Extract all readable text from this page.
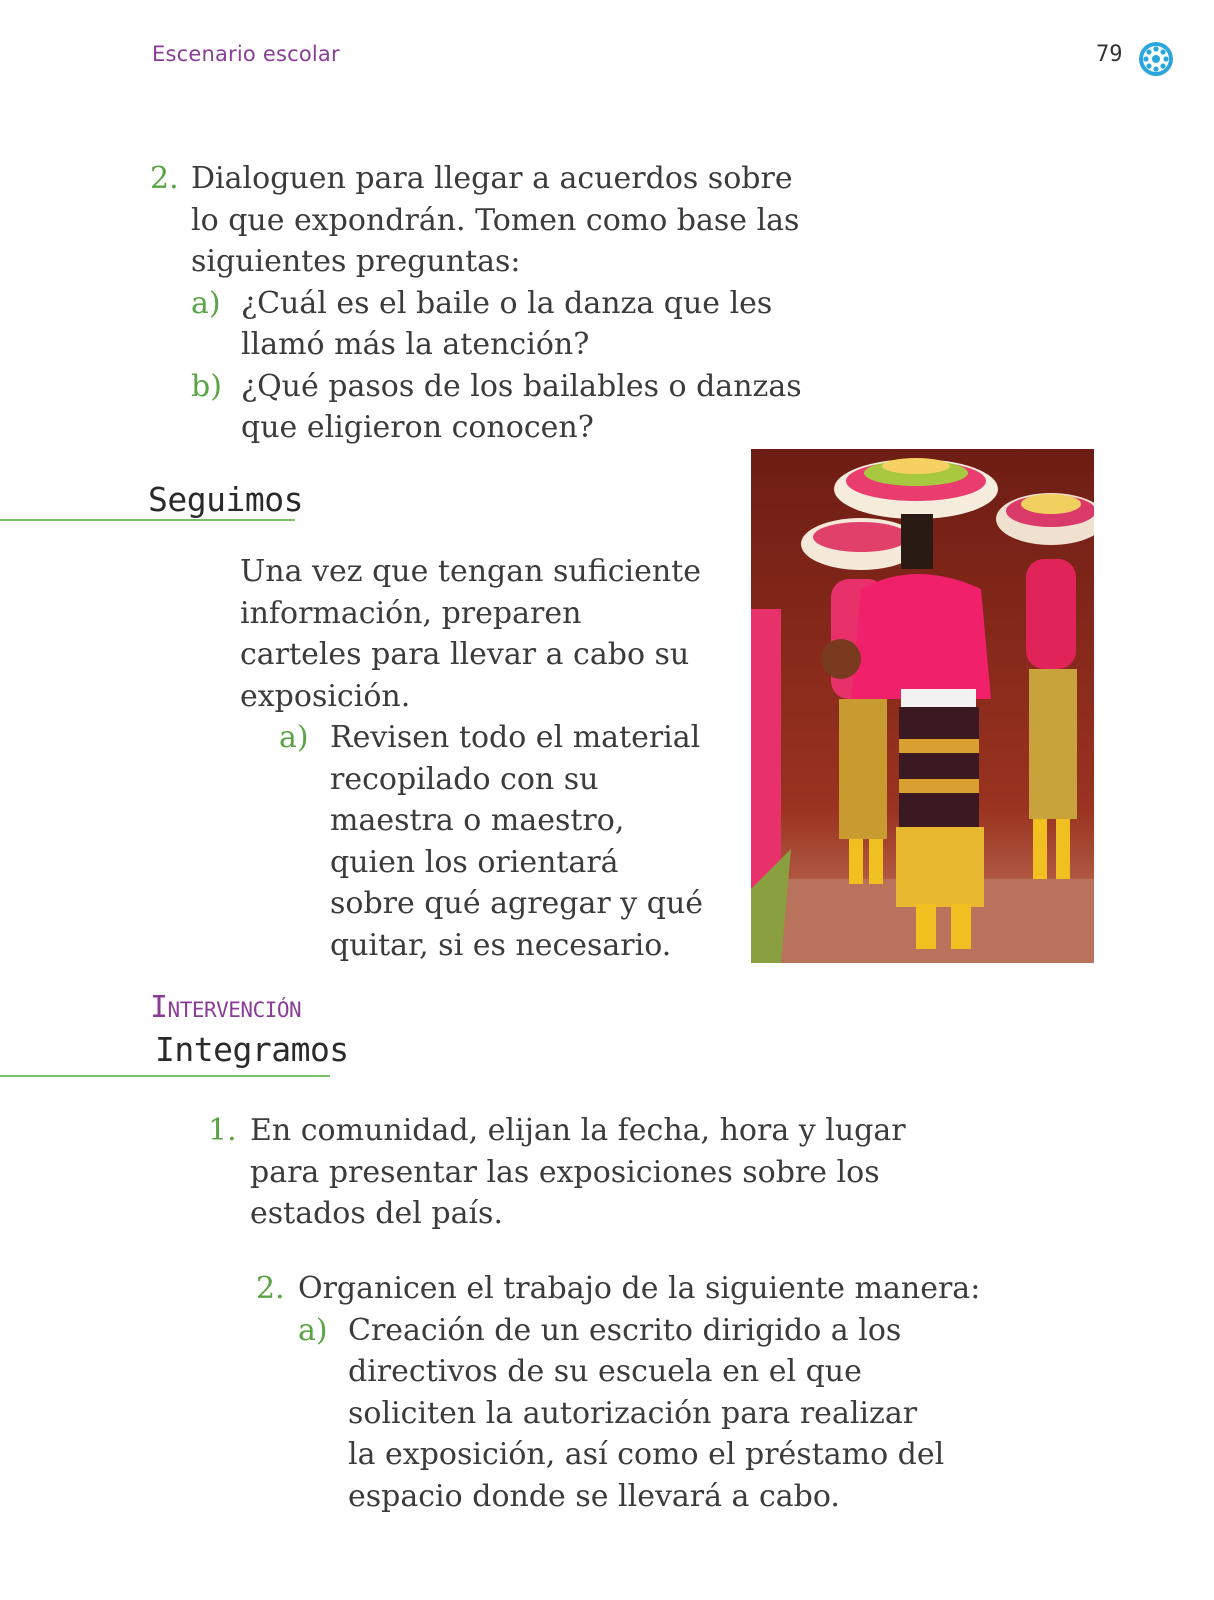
Escenario escolar	79
2. Dialoguen para llegar a acuerdos sobre
lo que expondrán. Tomen como base las
siguientes preguntas:
a) ¿Cuál es el baile o la danza que les
llamó más la atención?
b) ¿Qué pasos de los bailables o danzas
que eligieron conocen?
Seguimos
Una vez que tengan suficiente
información, preparen
carteles para llevar a cabo su
exposición.
a) Revisen todo el material
recopilado con su
maestra o maestro,
quien los orientará
sobre qué agregar y qué
quitar, si es necesario.
Intervención
Integramos
1. En comunidad, elijan la fecha, hora y lugar
para presentar las exposiciones sobre los
estados del país.
2. Organicen el trabajo de la siguiente manera:
a) Creación de un escrito dirigido a los
directivos de su escuela en el que
soliciten la autorización para realizar
la exposición, así como el préstamo del
espacio donde se llevará a cabo.
